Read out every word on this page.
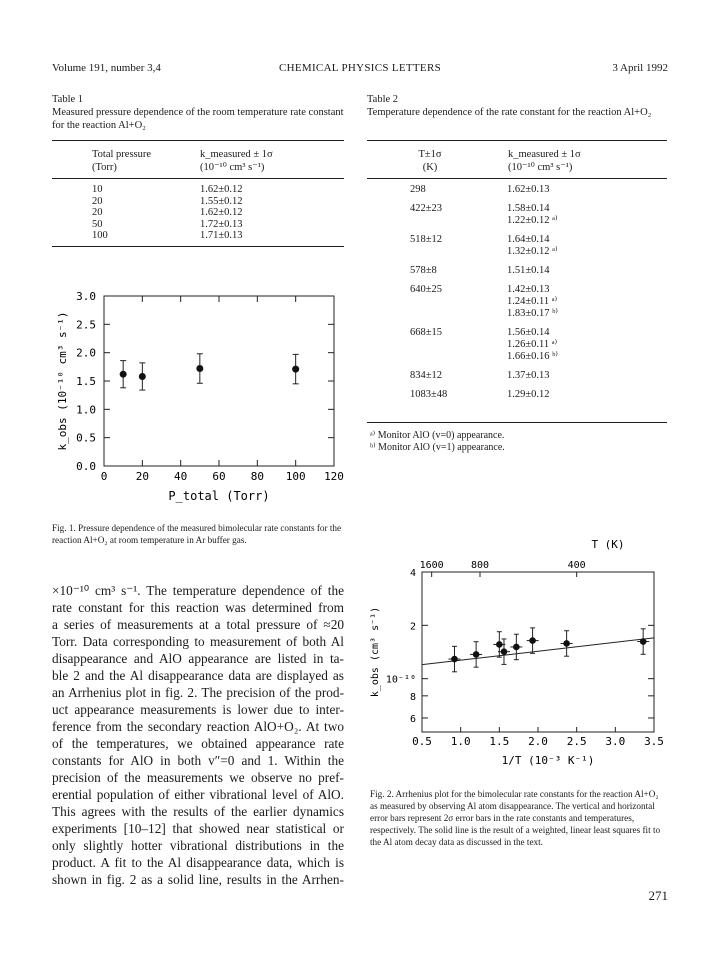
Volume 191, number 3,4	CHEMICAL PHYSICS LETTERS	3 April 1992
Table 1
Measured pressure dependence of the room temperature rate constant for the reaction Al+O₂
Total pressure
(Torr)
k_measured ± 1σ
(10⁻¹⁰ cm³ s⁻¹)
10	1.62±0.12
20	1.55±0.12
20	1.62±0.12
50	1.72±0.13
100	1.71±0.13
Table 2
Temperature dependence of the rate constant for the reaction Al+O₂
T±1σ
(K)
k_measured ± 1σ
(10⁻¹⁰ cm³ s⁻¹)
298	1.62±0.13
422±23	1.58±0.14
1.22±0.12 ᵃ⁾
518±12	1.64±0.14
1.32±0.12 ᵃ⁾
578±8	1.51±0.14
640±25	1.42±0.13
1.24±0.11 ᵃ⁾
1.83±0.17 ᵇ⁾
668±15	1.56±0.14
1.26±0.11 ᵃ⁾
1.66±0.16 ᵇ⁾
834±12	1.37±0.13
1083±48	1.29±0.12
ᵃ⁾ Monitor AlO (v=0) appearance.
ᵇ⁾ Monitor AlO (v=1) appearance.
0.0
0.5
1.0
1.5
2.0
2.5
3.0
0	20 40 60 80 100 120
P_total (Torr)
k_obs (10⁻¹⁰ cm³ s⁻¹)
Fig. 1. Pressure dependence of the measured bimolecular rate constants for the reaction Al+O₂ at room temperature in Ar buffer gas.
×10⁻¹⁰ cm³ s⁻¹. The temperature dependence of the
rate constant for this reaction was determined from
a series of measurements at a total pressure of ≈20
Torr. Data corresponding to measurement of both Al
disappearance and AlO appearance are listed in ta-
ble 2 and the Al disappearance data are displayed as
an Arrhenius plot in fig. 2. The precision of the prod-
uct appearance measurements is lower due to inter-
ference from the secondary reaction AlO+O₂. At two
of the temperatures, we obtained appearance rate
constants for AlO in both v″=0 and 1. Within the
precision of the measurements we observe no pref-
erential population of either vibrational level of AlO.
This agrees with the results of the earlier dynamics
experiments [10–12] that showed near statistical or
only slightly hotter vibrational distributions in the
product. A fit to the Al disappearance data, which is
shown in fig. 2 as a solid line, results in the Arrhen-
6
8
10⁻¹⁰
2
4
0.5 1.0 1.5 2.0 2.5 3.0 3.5
1600	800	400
T (K)
1/T (10⁻³ K⁻¹)
k_obs (cm³ s⁻¹)
Fig. 2. Arrhenius plot for the bimolecular rate constants for the reaction Al+O₂ as measured by observing Al atom disappearance. The vertical and horizontal error bars represent 2σ error bars in the rate constants and temperatures, respectively. The solid line is the result of a weighted, linear least squares fit to the Al atom decay data as discussed in the text.
271
